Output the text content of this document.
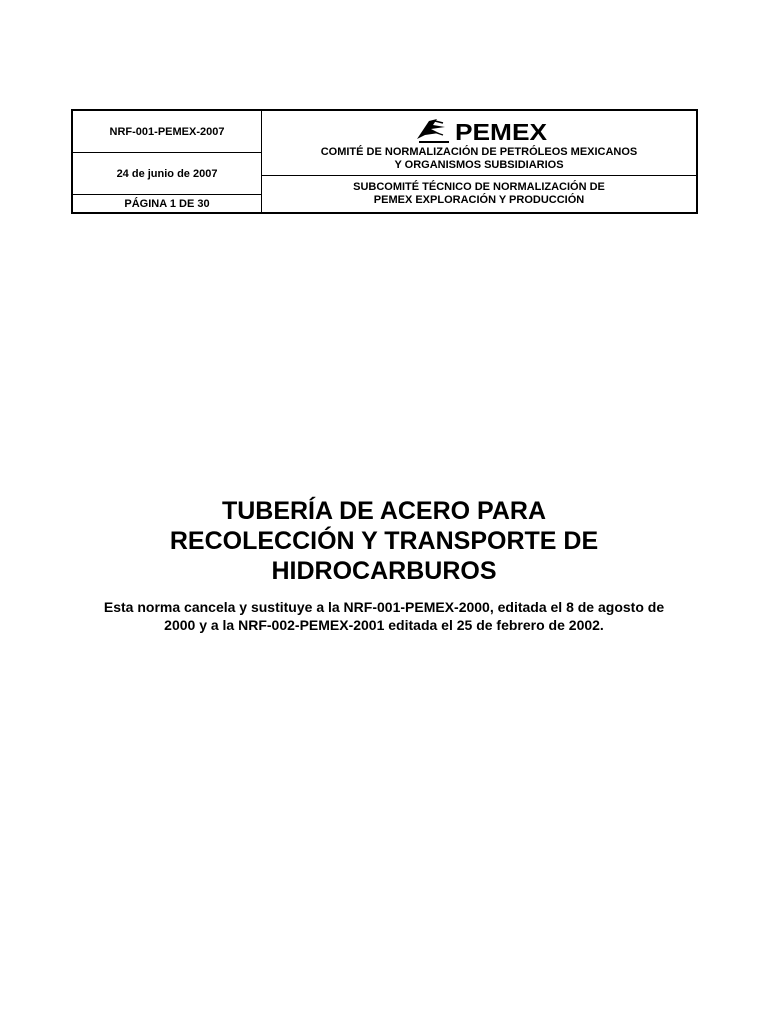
NRF-001-PEMEX-2007
24 de junio de 2007
PÁGINA 1 DE 30
PEMEX
COMITÉ DE NORMALIZACIÓN DE PETRÓLEOS MEXICANOS
Y ORGANISMOS SUBSIDIARIOS
SUBCOMITÉ TÉCNICO DE NORMALIZACIÓN DE
PEMEX EXPLORACIÓN Y PRODUCCIÓN
TUBERÍA DE ACERO PARA
RECOLECCIÓN Y TRANSPORTE DE
HIDROCARBUROS
Esta norma cancela y sustituye a la NRF-001-PEMEX-2000, editada el 8 de agosto de
2000 y a la NRF-002-PEMEX-2001 editada el 25 de febrero de 2002.
